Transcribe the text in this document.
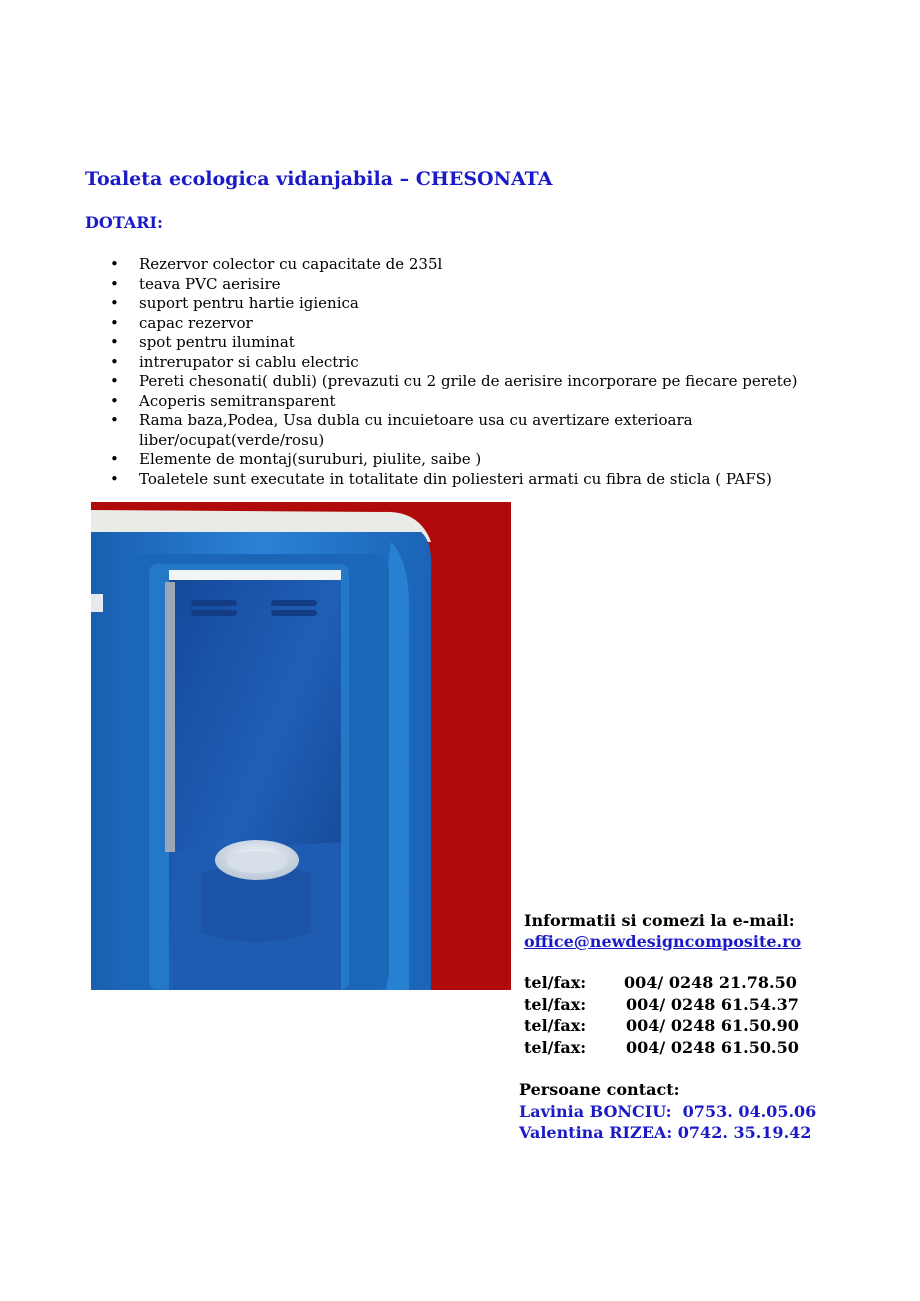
Toaleta ecologica vidanjabila – CHESONATA
DOTARI:
• Rezervor colector cu capacitate de 235l
• teava PVC aerisire
• suport pentru hartie igienica
• capac rezervor
• spot pentru iluminat
• intrerupator si cablu electric
• Pereti chesonati( dubli) (prevazuti cu 2 grile de aerisire incorporare pe fiecare perete)
• Acoperis semitransparent
• Rama baza,Podea, Usa dubla cu incuietoare usa cu avertizare exterioara liber/ocupat(verde/rosu)
• Elemente de montaj(suruburi, piulite, saibe )
• Toaletele sunt executate in totalitate din poliesteri armati cu fibra de sticla ( PAFS)
Informatii si comezi la e-mail:
office@newdesigncomposite.ro
tel/fax: 004/ 0248 21.78.50
tel/fax: 004/ 0248 61.54.37
tel/fax: 004/ 0248 61.50.90
tel/fax: 004/ 0248 61.50.50
Persoane contact:
Lavinia BONCIU:  0753. 04.05.06
Valentina RIZEA: 0742. 35.19.42
